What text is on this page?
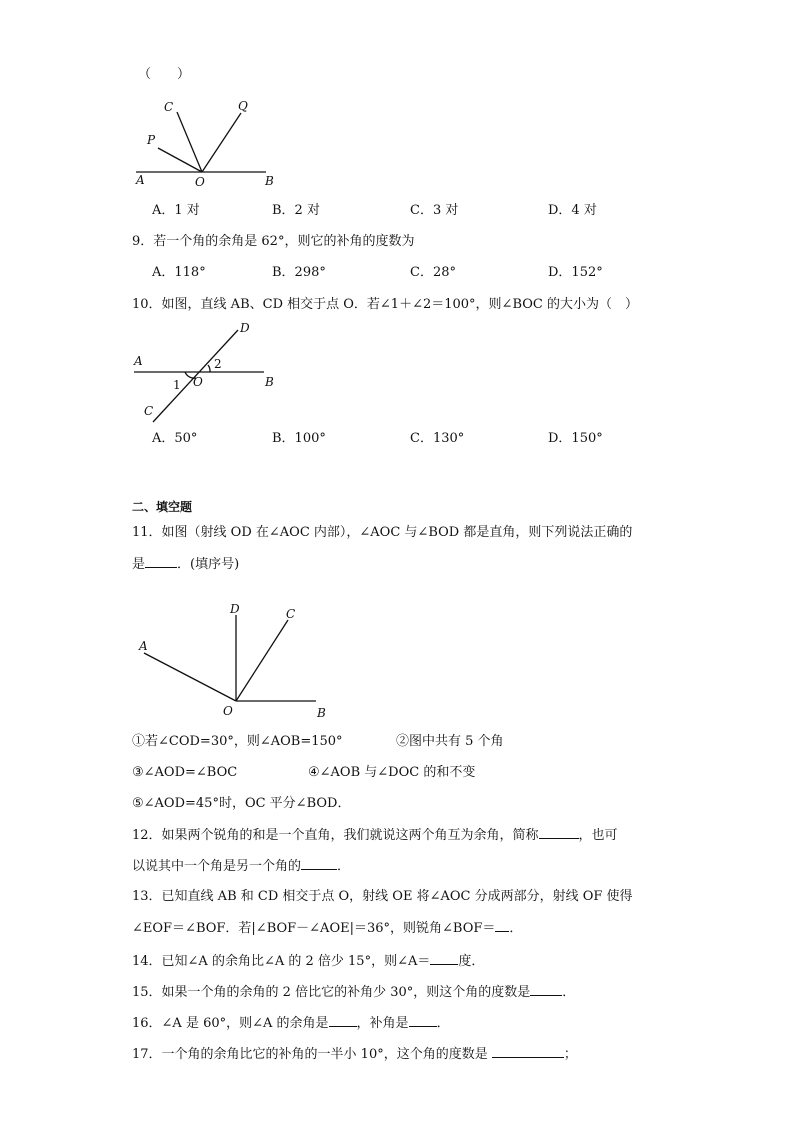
（　　）
C	Q
P
A	O	B
A．1 对	B．2 对	C．3 对	D．4 对
9．若一个角的余角是 62°，则它的补角的度数为
A．118°	B．298°	C．28°	D．152°
10．如图，直线 AB、CD 相交于点 O．若∠1＋∠2＝100°，则∠BOC 的大小为（　）
D
A	2
1 O	B
C
A．50°	B．100°	C．130°	D．150°
二、填空题
11．如图（射线 OD 在∠AOC 内部），∠AOC 与∠BOD 都是直角，则下列说法正确的
是 ．(填序号)
D	C
A
O	B
①若∠COD=30°，则∠AOB=150°	②图中共有 5 个角
③∠AOD=∠BOC	④∠AOB 与∠DOC 的和不变
⑤∠AOD=45°时，OC 平分∠BOD．
12．如果两个锐角的和是一个直角，我们就说这两个角互为余角，简称	，也可
以说其中一个角是另一个角的	．
13．已知直线 AB 和 CD 相交于点 O，射线 OE 将∠AOC 分成两部分，射线 OF 使得
∠EOF＝∠BOF．若|∠BOF－∠AOE|＝36°，则锐角∠BOF＝ ．
14．已知∠A 的余角比∠A 的 2 倍少 15°，则∠A＝ 度．
15．如果一个角的余角的 2 倍比它的补角少 30°，则这个角的度数是 ．
16．∠A 是 60°，则∠A 的余角是 ，补角是 ．
17．一个角的余角比它的补角的一半小 10°，这个角的度数是	；
